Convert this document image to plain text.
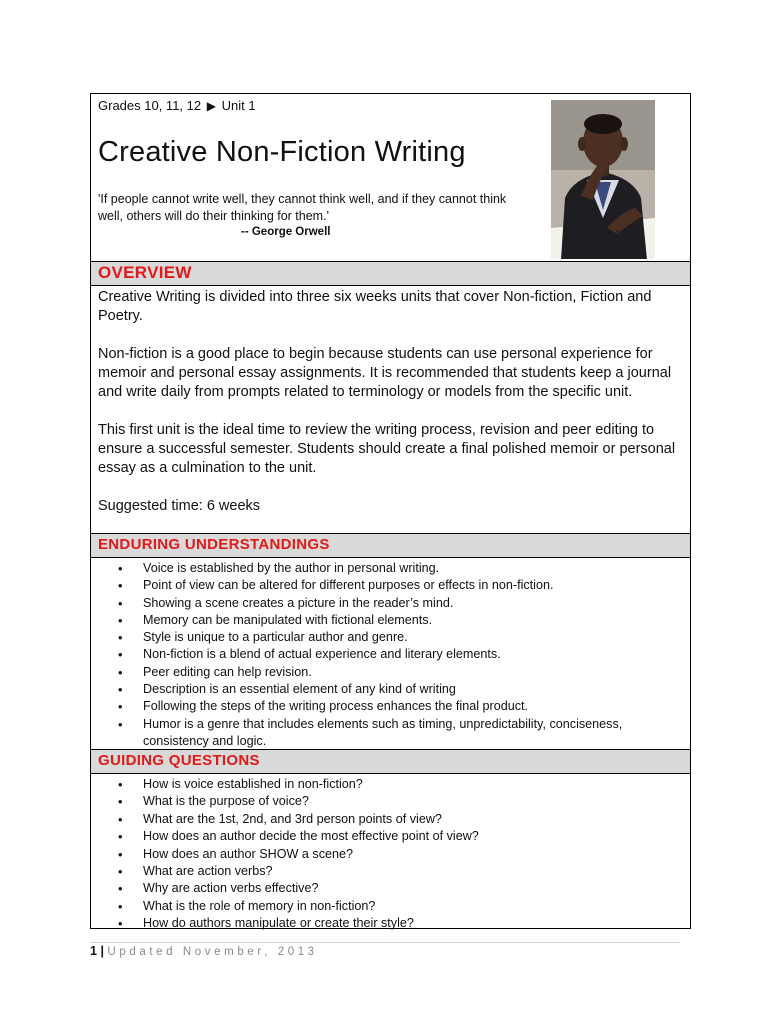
Grades 10, 11, 12 ▶ Unit 1
Creative Non-Fiction Writing
'If people cannot write well, they cannot think well, and if they cannot think well, others will do their thinking for them.'
-- George Orwell
OVERVIEW

Creative Writing is divided into three six weeks units that cover Non-fiction, Fiction and Poetry.

Non-fiction is a good place to begin because students can use personal experience for memoir and personal essay assignments. It is recommended that students keep a journal and write daily from prompts related to terminology or models from the specific unit.

This first unit is the ideal time to review the writing process, revision and peer editing to ensure a successful semester. Students should create a final polished memoir or personal essay as a culmination to the unit.

Suggested time: 6 weeks

ENDURING UNDERSTANDINGS
• Voice is established by the author in personal writing.
• Point of view can be altered for different purposes or effects in non-fiction.
• Showing a scene creates a picture in the reader’s mind.
• Memory can be manipulated with fictional elements.
• Style is unique to a particular author and genre.
• Non-fiction is a blend of actual experience and literary elements.
• Peer editing can help revision.
• Description is an essential element of any kind of writing
• Following the steps of the writing process enhances the final product.
• Humor is a genre that includes elements such as timing, unpredictability, conciseness, consistency and logic.
GUIDING QUESTIONS
• How is voice established in non-fiction?
• What is the purpose of voice?
• What are the 1st, 2nd, and 3rd person points of view?
• How does an author decide the most effective point of view?
• How does an author SHOW a scene?
• What are action verbs?
• Why are action verbs effective?
• What is the role of memory in non-fiction?
• How do authors manipulate or create their style?
1 | Updated November, 2013
